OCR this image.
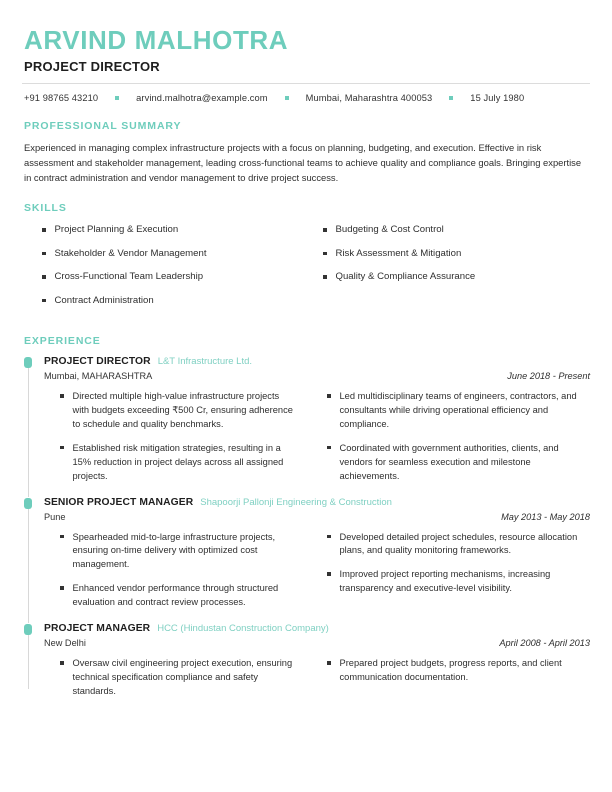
ARVIND MALHOTRA
PROJECT DIRECTOR
+91 98765 43210	arvind.malhotra@example.com	Mumbai, Maharashtra 400053	15 July 1980
PROFESSIONAL SUMMARY

Experienced in managing complex infrastructure projects with a focus on planning, budgeting, and execution. Effective in risk assessment and stakeholder management, leading cross-functional teams to achieve quality and compliance goals. Bringing expertise in contract administration and vendor management to drive project success.

SKILLS
Project Planning & Execution
Stakeholder & Vendor Management
Cross-Functional Team Leadership
Contract Administration
Budgeting & Cost Control
Risk Assessment & Mitigation
Quality & Compliance Assurance
EXPERIENCE
PROJECT DIRECTOR L&T Infrastructure Ltd.
Mumbai, MAHARASHTRA	June 2018 - Present
Directed multiple high-value infrastructure projects with budgets exceeding ₹500 Cr, ensuring adherence to schedule and quality benchmarks.
Established risk mitigation strategies, resulting in a 15% reduction in project delays across all assigned projects.
Led multidisciplinary teams of engineers, contractors, and consultants while driving operational efficiency and compliance.
Coordinated with government authorities, clients, and vendors for seamless execution and milestone achievements.
SENIOR PROJECT MANAGER Shapoorji Pallonji Engineering & Construction
Pune	May 2013 - May 2018
Spearheaded mid-to-large infrastructure projects, ensuring on-time delivery with optimized cost management.
Enhanced vendor performance through structured evaluation and contract review processes.
Developed detailed project schedules, resource allocation plans, and quality monitoring frameworks.
Improved project reporting mechanisms, increasing transparency and executive-level visibility.
PROJECT MANAGER HCC (Hindustan Construction Company)
New Delhi	April 2008 - April 2013
Oversaw civil engineering project execution, ensuring technical specification compliance and safety standards.
Prepared project budgets, progress reports, and client communication documentation.
